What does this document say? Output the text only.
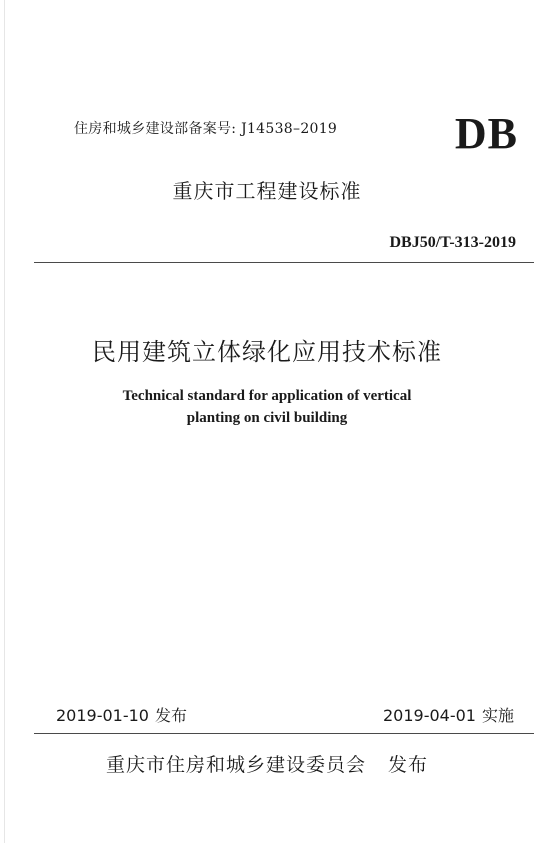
住房和城乡建设部备案号: J14538–2019	DB
重庆市工程建设标准
DBJ50/T-313-2019
民用建筑立体绿化应用技术标准
Technical standard for application of vertical
planting on civil building
2019-01-10 发布	2019-04-01 实施
重庆市住房和城乡建设委员会 发布
